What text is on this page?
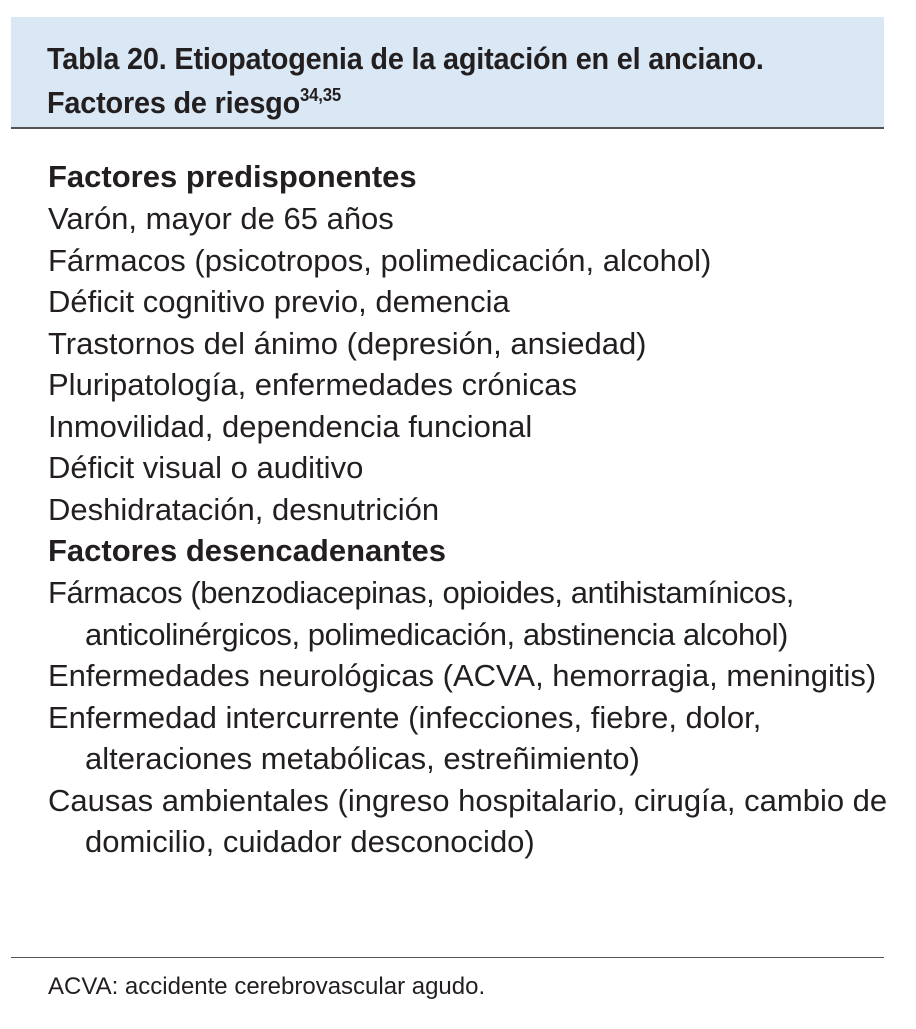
Tabla 20. Etiopatogenia de la agitación en el anciano.
Factores de riesgo$^{34,35}$
Factores predisponentes
Varón, mayor de 65 años
Fármacos (psicotropos, polimedicación, alcohol)
Déficit cognitivo previo, demencia
Trastornos del ánimo (depresión, ansiedad)
Pluripatología, enfermedades crónicas
Inmovilidad, dependencia funcional
Déficit visual o auditivo
Deshidratación, desnutrición
Factores desencadenantes
Fármacos (benzodiacepinas, opioides, antihistamínicos, anticolinérgicos, polimedicación, abstinencia alcohol)
Enfermedades neurológicas (ACVA, hemorragia, meningitis)
Enfermedad intercurrente (infecciones, fiebre, dolor, alteraciones metabólicas, estreñimiento)
Causas ambientales (ingreso hospitalario, cirugía, cambio de domicilio, cuidador desconocido)
ACVA: accidente cerebrovascular agudo.
